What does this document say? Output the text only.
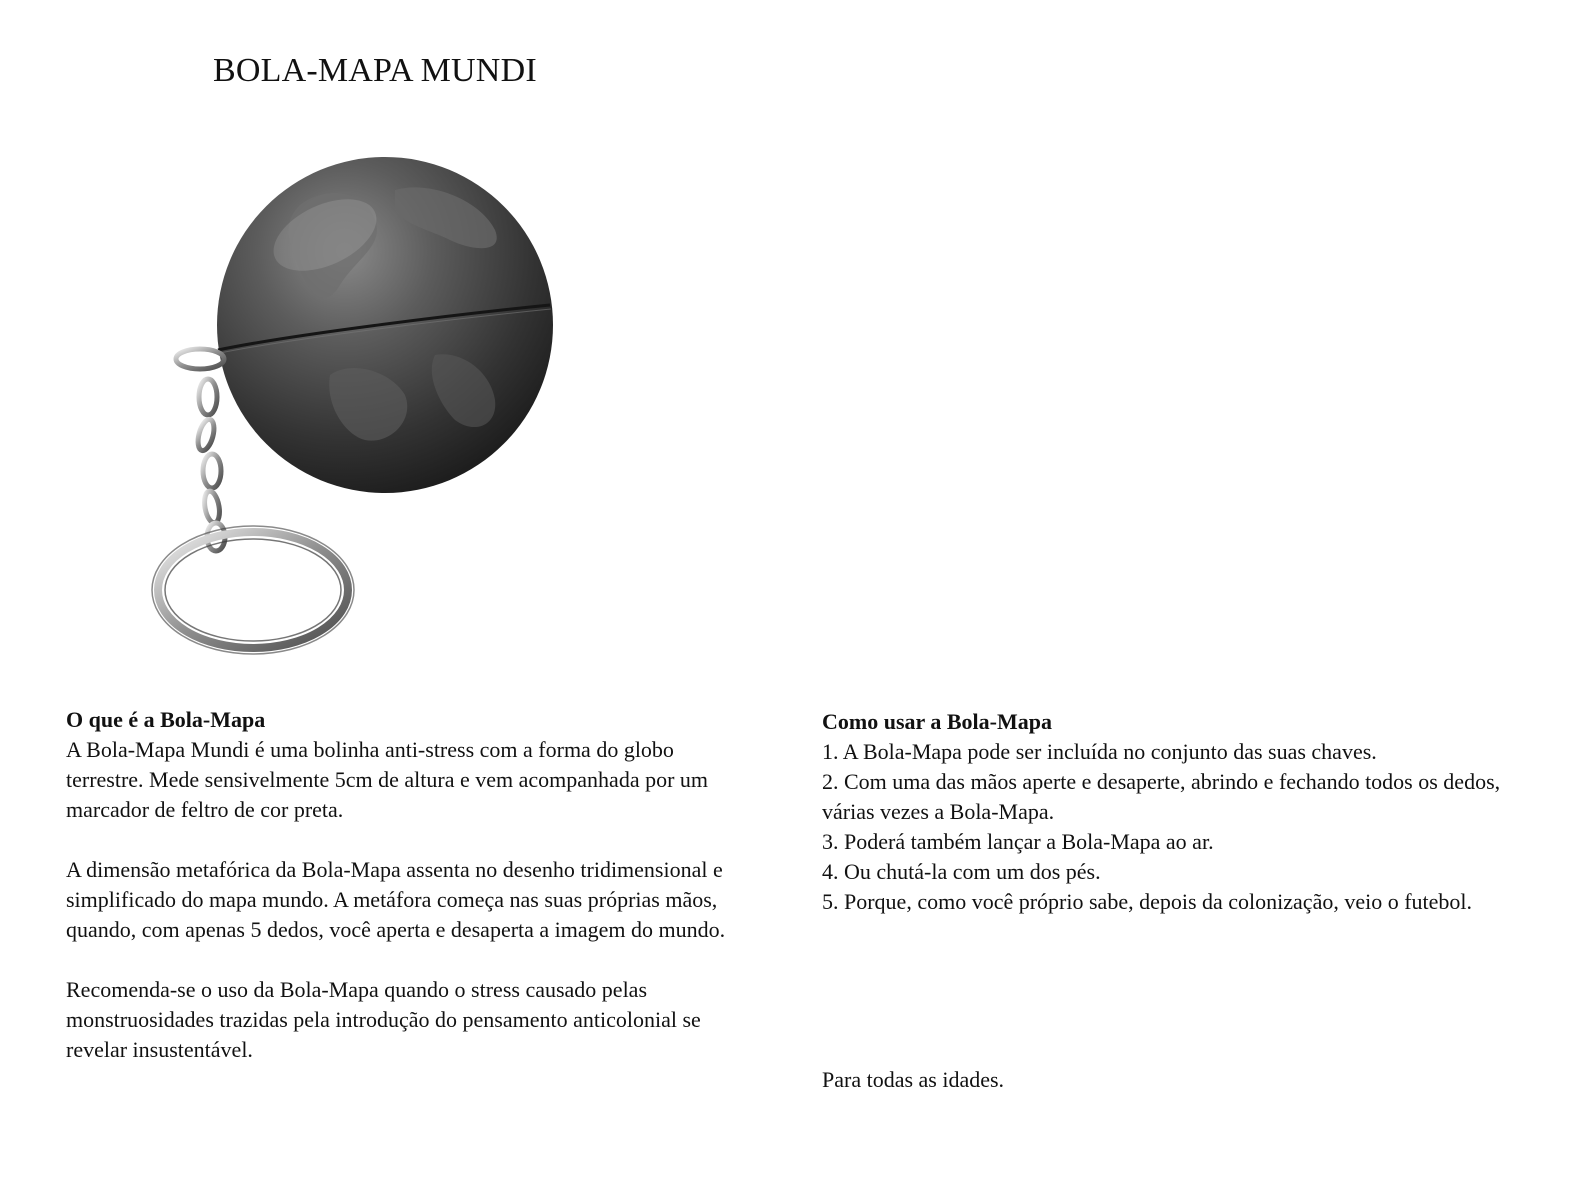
BOLA-MAPA MUNDI
O que é a Bola-Mapa

A Bola-Mapa Mundi é uma bolinha anti-stress com a forma do globo terrestre. Mede sensivelmente 5cm de altura e vem acompanhada por um marcador de feltro de cor preta.

A dimensão metafórica da Bola-Mapa assenta no desenho tridimensional e simplificado do mapa mundo. A metáfora começa nas suas próprias mãos, quando, com apenas 5 dedos, você aperta e desaperta a imagem do mundo.

Recomenda-se o uso da Bola-Mapa quando o stress causado pelas monstruosidades trazidas pela introdução do pensamento anticolonial se revelar insustentável.

Como usar a Bola-Mapa
1. A Bola-Mapa pode ser incluída no conjunto das suas chaves.
2. Com uma das mãos aperte e desaperte, abrindo e fechando todos os dedos, várias vezes a Bola-Mapa.
3. Poderá também lançar a Bola-Mapa ao ar.
4. Ou chutá-la com um dos pés.
5. Porque, como você próprio sabe, depois da colonização, veio o futebol.

Para todas as idades.
